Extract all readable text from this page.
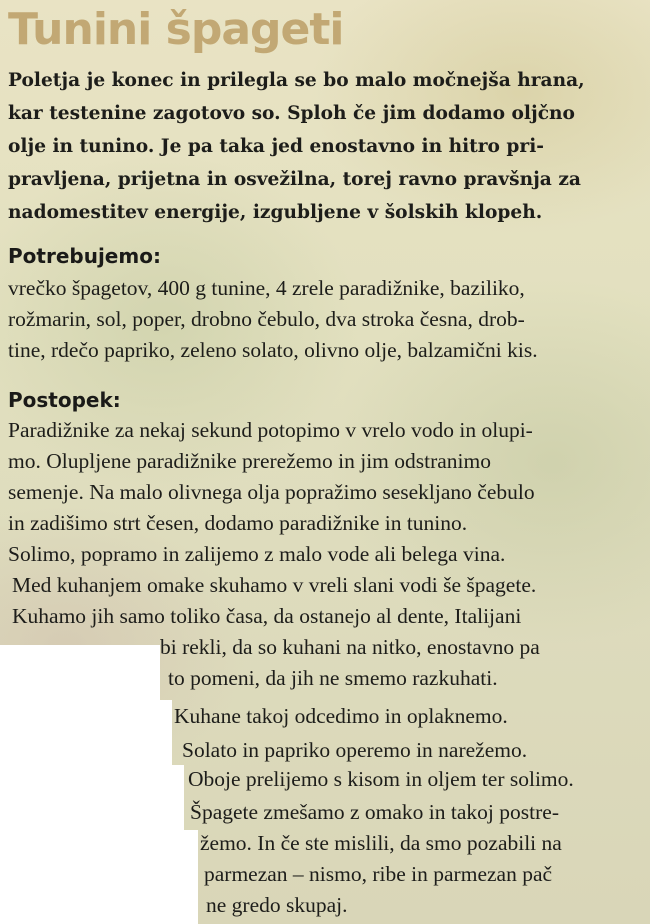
Tunini špageti
Poletja je konec in prilegla se bo malo močnejša hrana,
kar testenine zagotovo so. Sploh če jim dodamo oljčno
olje in tunino. Je pa taka jed enostavno in hitro pri-
pravljena, prijetna in osvežilna, torej ravno pravšnja za
nadomestitev energije, izgubljene v šolskih klopeh.
Potrebujemo:
vrečko špagetov, 400 g tunine, 4 zrele paradižnike, baziliko,
rožmarin, sol, poper, drobno čebulo, dva stroka česna, drob-
tine, rdečo papriko, zeleno solato, olivno olje, balzamični kis.
Postopek:
Paradižnike za nekaj sekund potopimo v vrelo vodo in olupi-
mo. Olupljene paradižnike prerežemo in jim odstranimo
semenje. Na malo olivnega olja popražimo sesekljano čebulo
in zadišimo strt česen, dodamo paradižnike in tunino.
Solimo, popramo in zalijemo z malo vode ali belega vina.
Med kuhanjem omake skuhamo v vreli slani vodi še špagete.
Kuhamo jih samo toliko časa, da ostanejo al dente, Italijani
bi rekli, da so kuhani na nitko, enostavno pa
to pomeni, da jih ne smemo razkuhati.
Kuhane takoj odcedimo in oplaknemo.
Solato in papriko operemo in narežemo.
Oboje prelijemo s kisom in oljem ter solimo.
Špagete zmešamo z omako in takoj postre-
žemo. In če ste mislili, da smo pozabili na
parmezan – nismo, ribe in parmezan pač
ne gredo skupaj.
